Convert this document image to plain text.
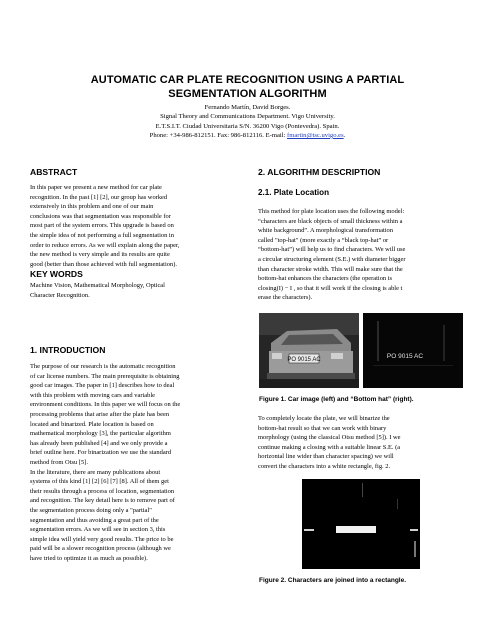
AUTOMATIC CAR PLATE RECOGNITION USING A PARTIAL
SEGMENTATION ALGORITHM
Fernando Martín, David Borges.
Signal Theory and Communications Department. Vigo University.
E.T.S.I.T. Ciudad Universitaria S/N. 36200 Vigo (Pontevedra). Spain.
Phone: +34-986-812151. Fax: 986-812116. E-mail: fmartin@tsc.uvigo.es.
ABSTRACT
In this paper we present a new method for car plate
recognition. In the past [1] [2], our group has worked
extensively in this problem and one of our main
conclusions was that segmentation was responsible for
most part of the system errors. This upgrade is based on
the simple idea of not performing a full segmentation in
order to reduce errors. As we will explain along the paper,
the new method is very simple and its results are quite
good (better than those achieved with full segmentation).
KEY WORDS
Machine Vision, Mathematical Morphology, Optical
Character Recognition.
1. INTRODUCTION
The purpose of our research is the automatic recognition
of car license numbers. The main prerequisite is obtaining
good car images. The paper in [1] describes how to deal
with this problem with moving cars and variable
environment conditions. In this paper we will focus on the
processing problems that arise after the plate has been
located and binarized. Plate location is based on
mathematical morphology [3], the particular algorithm
has already been published [4] and we only provide a
brief outline here. For binarization we use the standard
method from Otsu [5].
In the literature, there are many publications about
systems of this kind [1] [2] [6] [7] [8]. All of them get
their results through a process of location, segmentation
and recognition. The key detail here is to remove part of
the segmentation process doing only a "partial"
segmentation and thus avoiding a great part of the
segmentation errors. As we will see in section 3, this
simple idea will yield very good results. The price to be
paid will be a slower recognition process (although we
have tried to optimize it as much as possible).
2. ALGORITHM DESCRIPTION
2.1. Plate Location
This method for plate location uses the following model:
“characters are black objects of small thickness within a
white background”. A morphological transformation
called "top-hat" (more exactly a “black top-hat” or
“bottom-hat”) will help us to find characters. We will use
a circular structuring element (S.E.) with diameter bigger
than character stroke width. This will make sure that the
bottom-hat enhances the characters (the operation is
closing(I) − I , so that it will work if the closing is able t
erase the characters).
PO 9015 AC	PO 9015 AC
Figure 1. Car image (left) and “Bottom hat” (right).
To completely locate the plate, we will binarize the
bottom-hat result so that we can work with binary
morphology (using the classical Otsu method [5]). I we
continue making a closing with a suitable linear S.E. (a
horizontal line wider than character spacing) we will
convert the characters into a white rectangle, fig. 2.
Figure 2. Characters are joined into a rectangle.
